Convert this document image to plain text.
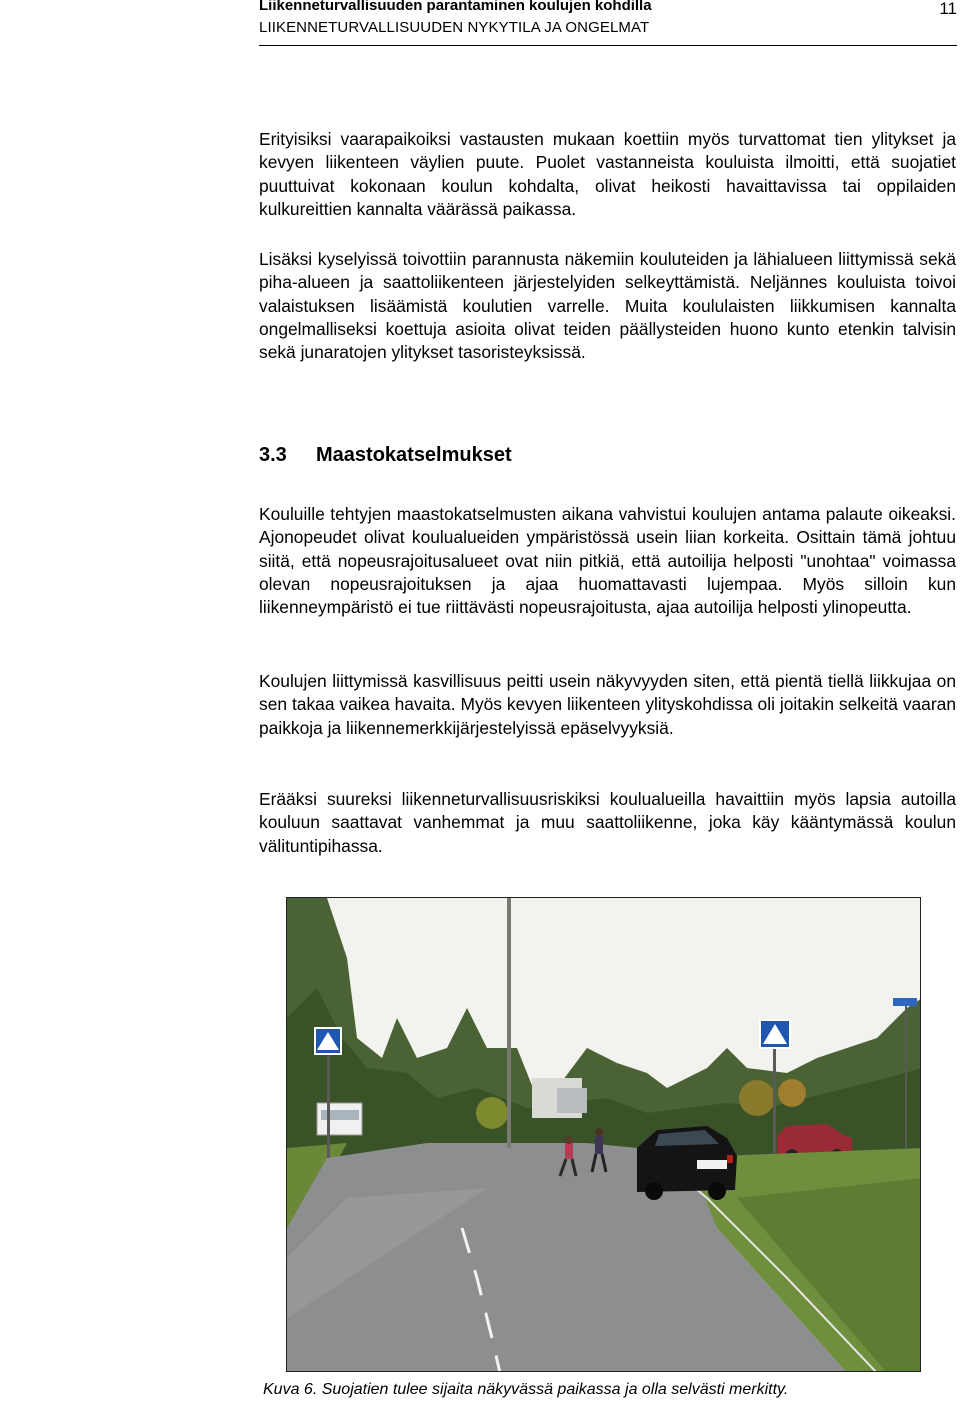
Liikenneturvallisuuden parantaminen koulujen kohdilla
LIIKENNETURVALLISUUDEN NYKYTILA JA ONGELMAT
11

Erityisiksi vaarapaikoiksi vastausten mukaan koettiin myös turvattomat tien ylitykset ja kevyen liikenteen väylien puute. Puolet vastanneista kouluista ilmoitti, että suojatiet puuttuivat kokonaan koulun kohdalta, olivat heikosti havaittavissa tai oppilaiden kulkureittien kannalta väärässä paikassa.

Lisäksi kyselyissä toivottiin parannusta näkemiin kouluteiden ja lähialueen liittymissä sekä piha-alueen ja saattoliikenteen järjestelyiden selkeyttämistä. Neljännes kouluista toivoi valaistuksen lisäämistä koulutien varrelle. Muita koululaisten liikkumisen kannalta ongelmalliseksi koettuja asioita olivat teiden päällysteiden huono kunto etenkin talvisin sekä junaratojen ylitykset tasoristeyksissä.

3.3 Maastokatselmukset

Kouluille tehtyjen maastokatselmusten aikana vahvistui koulujen antama palaute oikeaksi. Ajonopeudet olivat koulualueiden ympäristössä usein liian korkeita. Osittain tämä johtuu siitä, että nopeusrajoitusalueet ovat niin pitkiä, että autoilija helposti "unohtaa" voimassa olevan nopeusrajoituksen ja ajaa huomattavasti lujempaa. Myös silloin kun liikenneympäristö ei tue riittävästi nopeusrajoitusta, ajaa autoilija helposti ylinopeutta.

Koulujen liittymissä kasvillisuus peitti usein näkyvyyden siten, että pientä tiellä liikkujaa on sen takaa vaikea havaita. Myös kevyen liikenteen ylityskohdissa oli joitakin selkeitä vaaran paikkoja ja liikennemerkkijärjestelyissä epäselvyyksiä.

Erääksi suureksi liikenneturvallisuusriskiksi koulualueilla havaittiin myös lapsia autoilla kouluun saattavat vanhemmat ja muu saattoliikenne, joka käy kääntymässä koulun välituntipihassa.

Kuva 6. Suojatien tulee sijaita näkyvässä paikassa ja olla selvästi merkitty.
